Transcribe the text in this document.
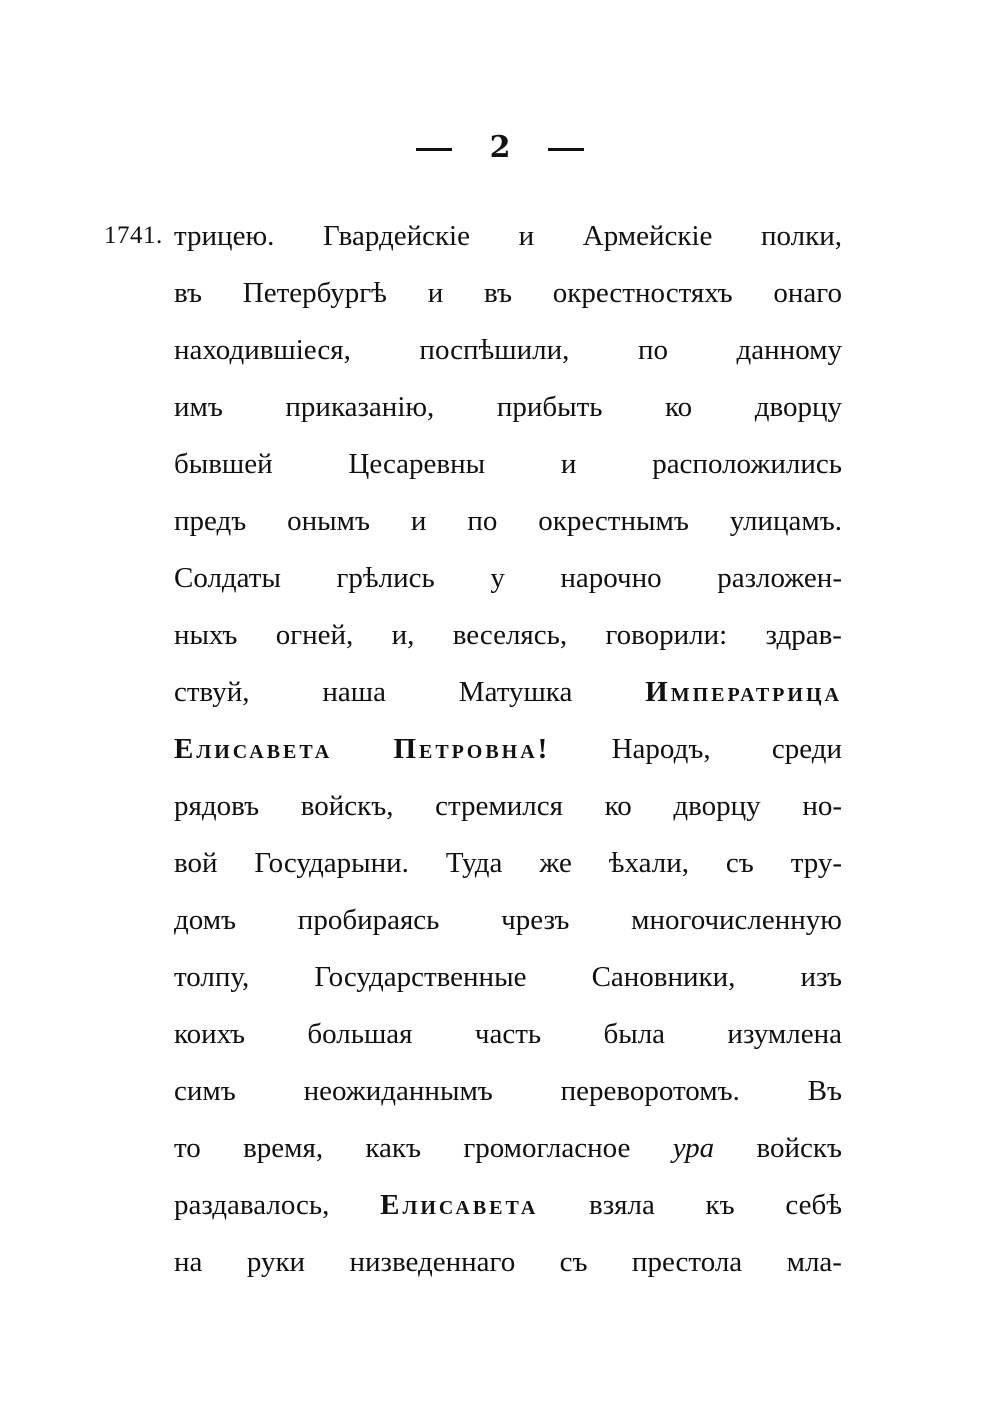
2
1741. трицею. Гвардейскіе и Армейскіе полки,
въ Петербургѣ и въ окрестностяхъ онаго
находившіеся, поспѣшили, по данному
имъ приказанію, прибыть ко дворцу
бывшей	Цесаревны	и	расположились
предъ онымъ и по окрестнымъ улицамъ.
Солдаты грѣлись у нарочно разложен-
ныхъ огней, и, веселясь, говорили: здрав-
ствуй,	наша	Матушка	Императрица
Елисавета Петровна! Народъ, среди
рядовъ войскъ, стремился ко дворцу но-
вой Государыни. Туда же ѣхали, съ тру-
домъ пробираясь чрезъ многочисленную
толпу, Государственные Сановники, изъ
коихъ большая часть была изумлена
симъ неожиданнымъ переворотомъ. Въ
то время, какъ громогласное ура войскъ
раздавалось, Елисавета взяла къ себѣ
на руки низведеннаго съ престола мла-
